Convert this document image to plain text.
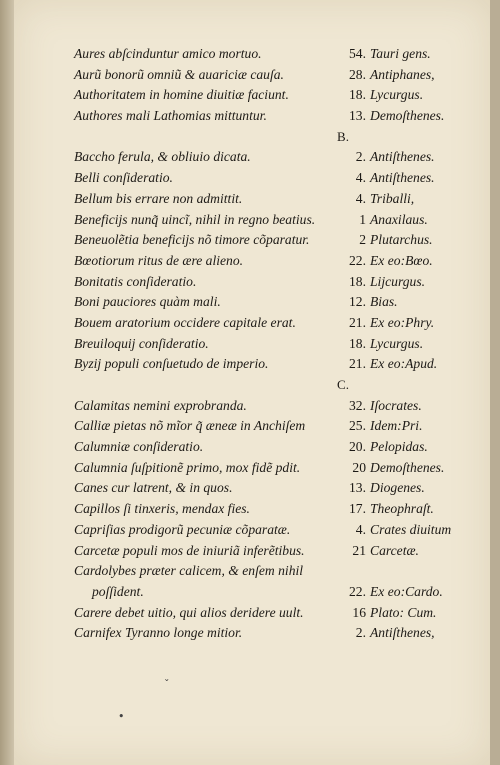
Aures abſcinduntur amico mortuo.	54. Tauri gens.
Aurũ bonorũ omniũ & auariciæ cauſa.	28. Antiphanes,
Authoritatem in homine diuitiæ faciunt.	18. Lycurgus.
Authores mali Lathomias mittuntur.	13. Demoſthenes.
B.
Baccho ferula, & obliuio dicata.	2. Antiſthenes.
Belli conſideratio.	4. Antiſthenes.
Bellum bis errare non admittit.	4. Triballi,
Beneficijs nunq̃ uincĩ, nihil in regno beatius.	1 Anaxilaus.
Beneuolẽtia beneficijs nõ timore cõparatur.	2 Plutarchus.
Bœotiorum ritus de ære alieno.	22. Ex eo:Bœo.
Bonitatis conſideratio.	18. Lijcurgus.
Boni pauciores quàm mali.	12. Bias.
Bouem aratorium occidere capitale erat.	21. Ex eo:Phry.
Breuiloquij conſideratio.	18. Lycurgus.
Byzij populi conſuetudo de imperio.	21. Ex eo:Apud.
C.
Calamitas nemini exprobranda.	32. Iſocrates.
Calliæ pietas nõ mĩor q̃ æneæ in Anchiſem	25. Idem:Pri.
Calumniæ conſideratio.	20. Pelopidas.
Calumnia ſuſpitionẽ primo, mox fidẽ pdit.	20 Demoſthenes.
Canes cur latrent, & in quos.	13. Diogenes.
Capillos ſi tinxeris, mendax fies.	17. Theophraſt.
Capriſias prodigorũ pecuniæ cõparatæ.	4. Crates diuitum
Carcetæ populi mos de iniuriã inferẽtibus.	21 Carcetæ.
Cardolybes præter calicem, & enſem nihil
poſſident.	22. Ex eo:Cardo.
Carere debet uitio, qui alios deridere uult.	16 Plato: Cum.
Carnifex Tyranno longe mitior.	2. Antiſthenes,
ˇ
•
